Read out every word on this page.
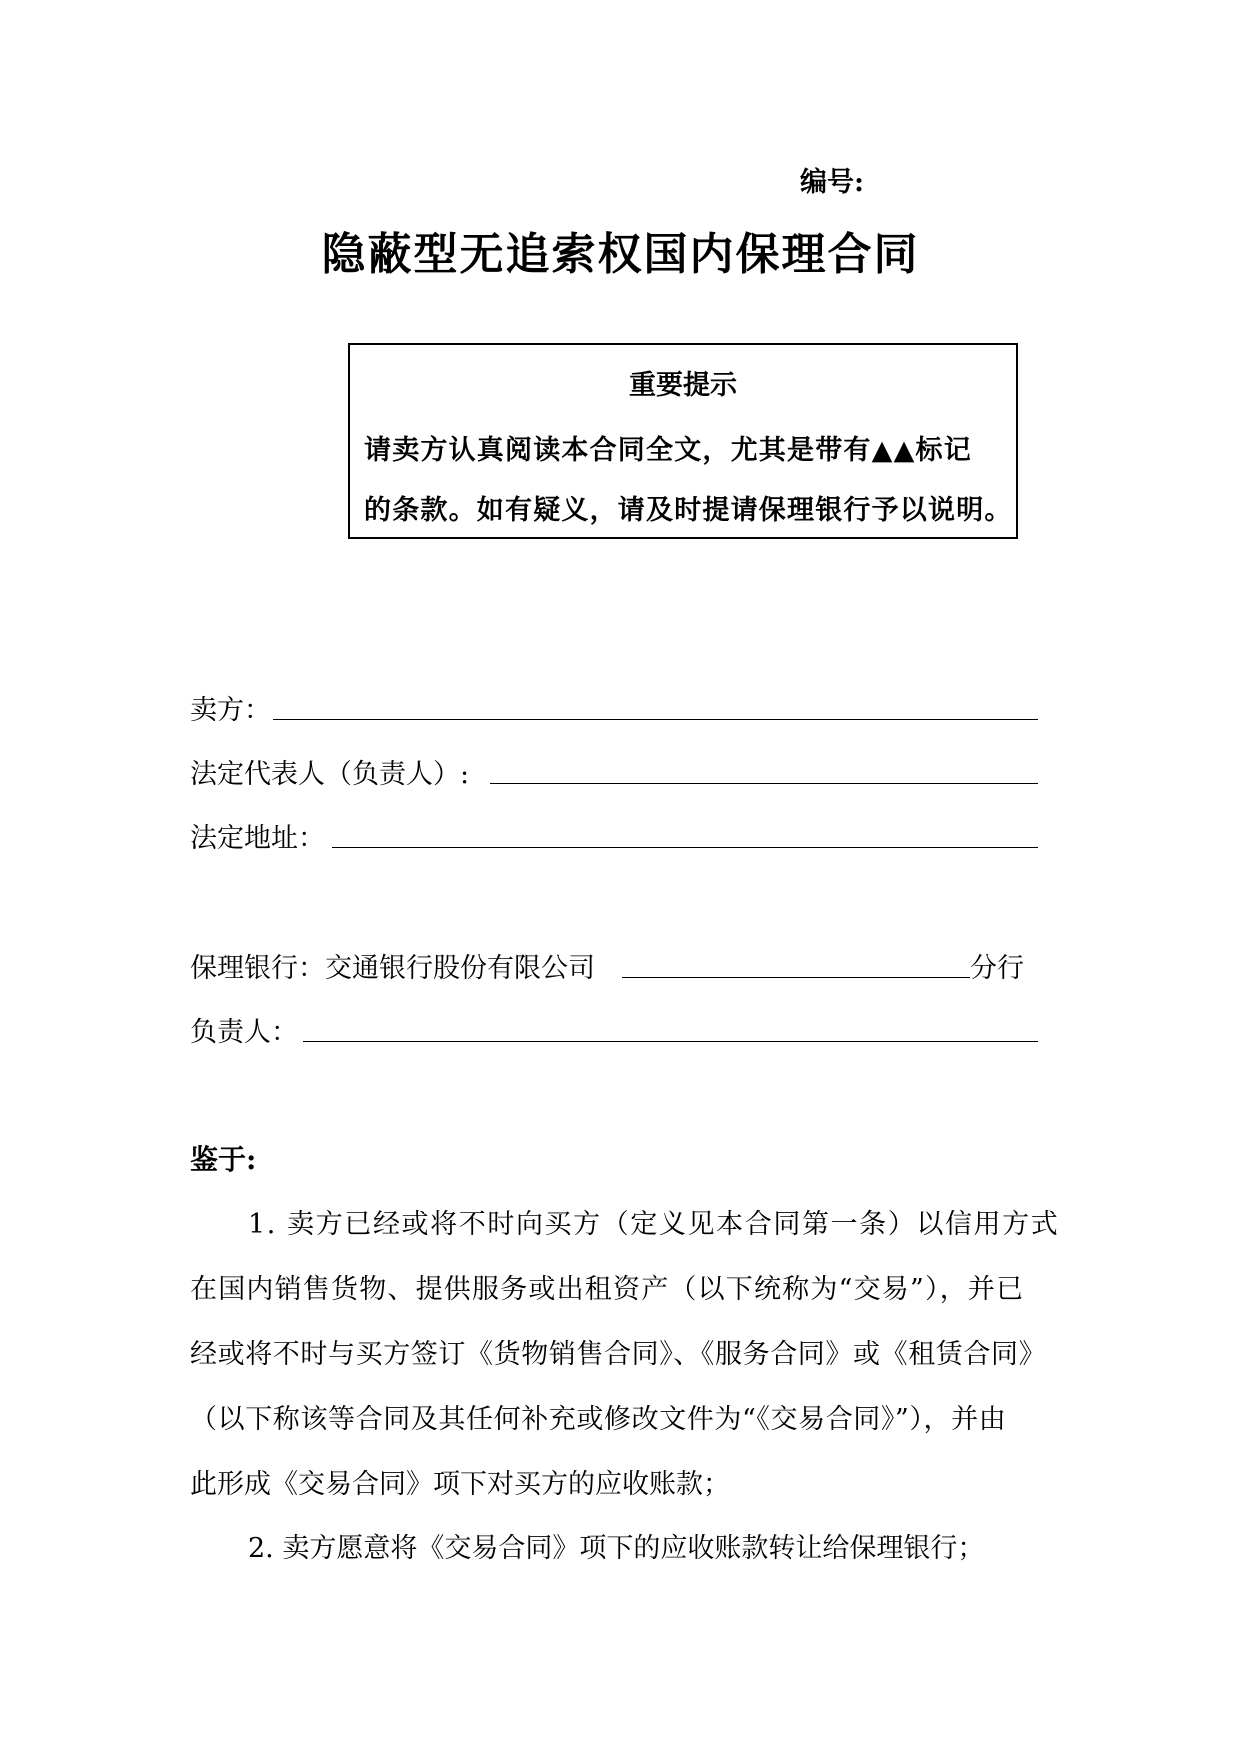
编号:
隐蔽型无追索权国内保理合同
重要提示
请卖方认真阅读本合同全文，尤其是带有▲▲标记
的条款。如有疑义，请及时提请保理银行予以说明。
卖方：
法定代表人（负责人）:
法定地址：
保理银行：交通银行股份有限公司	分行
负责人：
鉴于:
1. 卖方已经或将不时向买方（定义见本合同第一条）以信用方式
在国内销售货物、提供服务或出租资产（以下统称为“交易”），并已
经或将不时与买方签订《货物销售合同》、《服务合同》或《租赁合同》
（以下称该等合同及其任何补充或修改文件为“《交易合同》”），并由
此形成《交易合同》项下对买方的应收账款；
2. 卖方愿意将《交易合同》项下的应收账款转让给保理银行；
